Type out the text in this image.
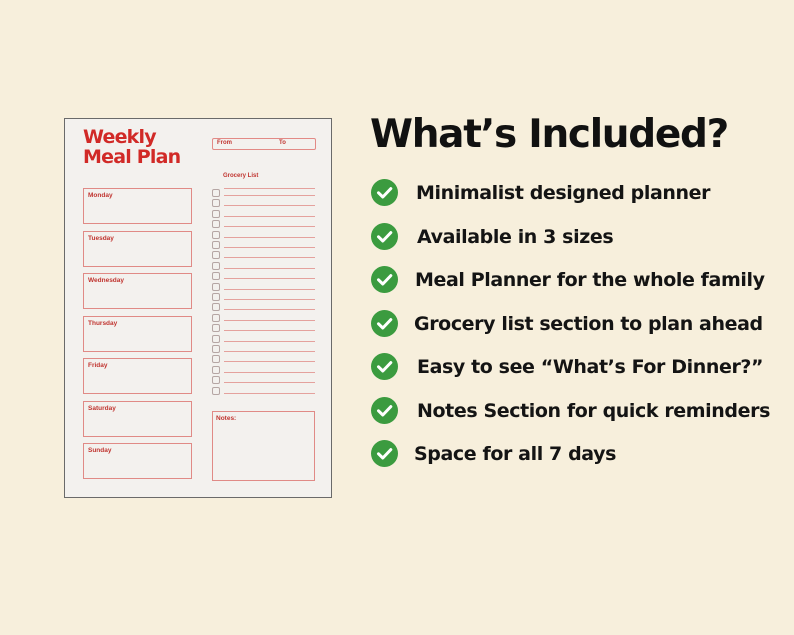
Weekly
Meal Plan
From	To
Monday
Tuesday
Wednesday
Thursday
Friday
Saturday
Sunday
Grocery List
Notes:
What’s Included?
Minimalist designed planner
Available in 3 sizes
Meal Planner for the whole family
Grocery list section to plan ahead
Easy to see “What’s For Dinner?”
Notes Section for quick reminders
Space for all 7 days
